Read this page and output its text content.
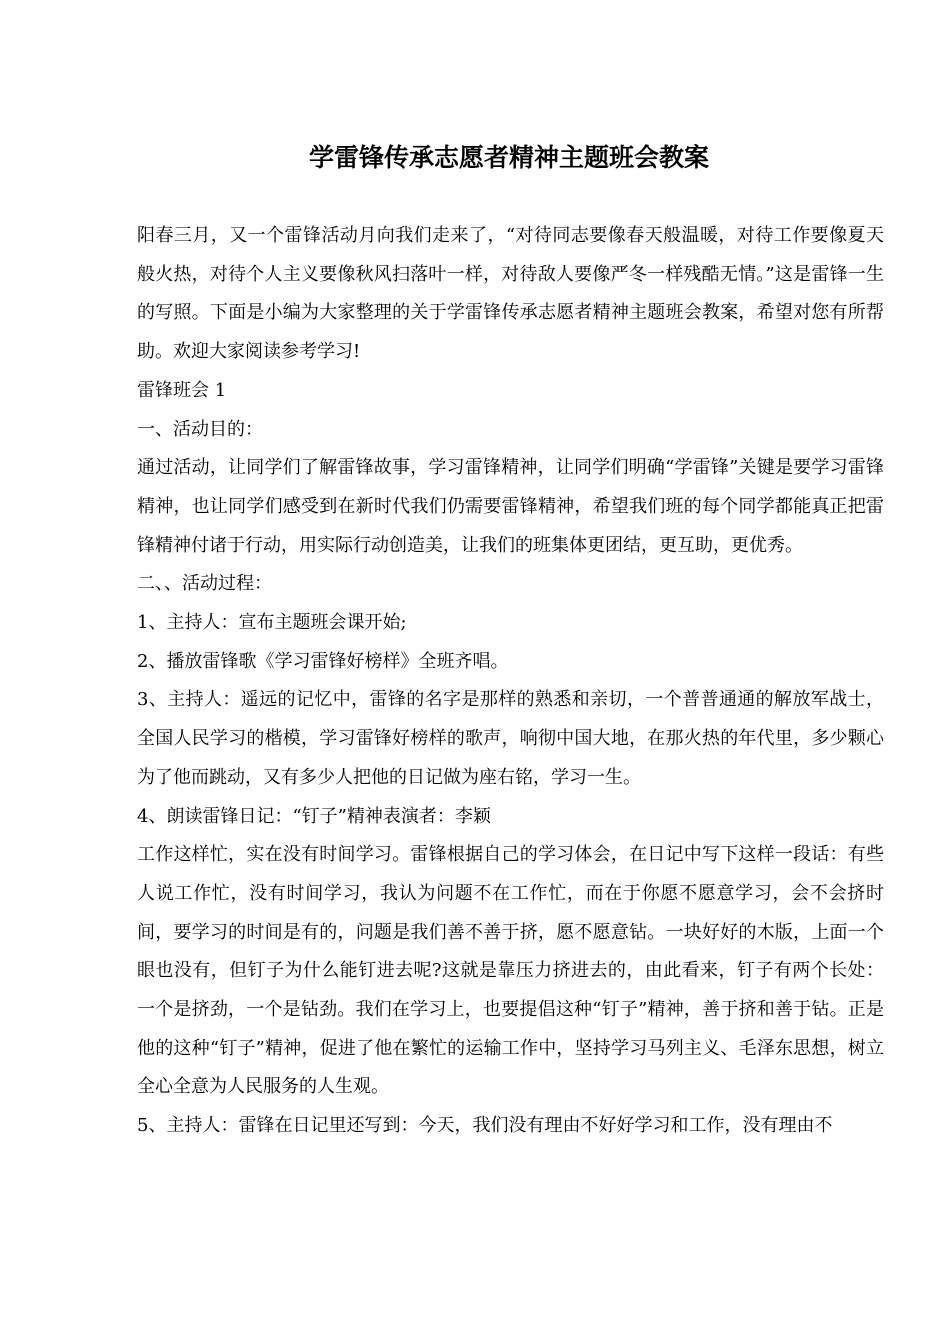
学雷锋传承志愿者精神主题班会教案

阳春三月，又一个雷锋活动月向我们走来了，“对待同志要像春天般温暖，对待工作要像夏天般火热，对待个人主义要像秋风扫落叶一样，对待敌人要像严冬一样残酷无情。”这是雷锋一生的写照。下面是小编为大家整理的关于学雷锋传承志愿者精神主题班会教案，希望对您有所帮助。欢迎大家阅读参考学习!

雷锋班会 1

一、活动目的：

通过活动，让同学们了解雷锋故事，学习雷锋精神，让同学们明确“学雷锋”关键是要学习雷锋精神，也让同学们感受到在新时代我们仍需要雷锋精神，希望我们班的每个同学都能真正把雷锋精神付诸于行动，用实际行动创造美，让我们的班集体更团结，更互助，更优秀。

二、、活动过程：

1、主持人：宣布主题班会课开始;

2、播放雷锋歌《学习雷锋好榜样》全班齐唱。

3、主持人：遥远的记忆中，雷锋的名字是那样的熟悉和亲切，一个普普通通的解放军战士，全国人民学习的楷模，学习雷锋好榜样的歌声，响彻中国大地，在那火热的年代里，多少颗心为了他而跳动，又有多少人把他的日记做为座右铭，学习一生。

4、朗读雷锋日记：“钉子”精神表演者：李颖

工作这样忙，实在没有时间学习。雷锋根据自己的学习体会，在日记中写下这样一段话：有些人说工作忙，没有时间学习，我认为问题不在工作忙，而在于你愿不愿意学习，会不会挤时间，要学习的时间是有的，问题是我们善不善于挤，愿不愿意钻。一块好好的木版，上面一个眼也没有，但钉子为什么能钉进去呢?这就是靠压力挤进去的，由此看来，钉子有两个长处：一个是挤劲，一个是钻劲。我们在学习上，也要提倡这种“钉子”精神，善于挤和善于钻。正是他的这种“钉子”精神，促进了他在繁忙的运输工作中，坚持学习马列主义、毛泽东思想，树立全心全意为人民服务的人生观。

5、主持人：雷锋在日记里还写到：今天，我们没有理由不好好学习和工作，没有理由不
